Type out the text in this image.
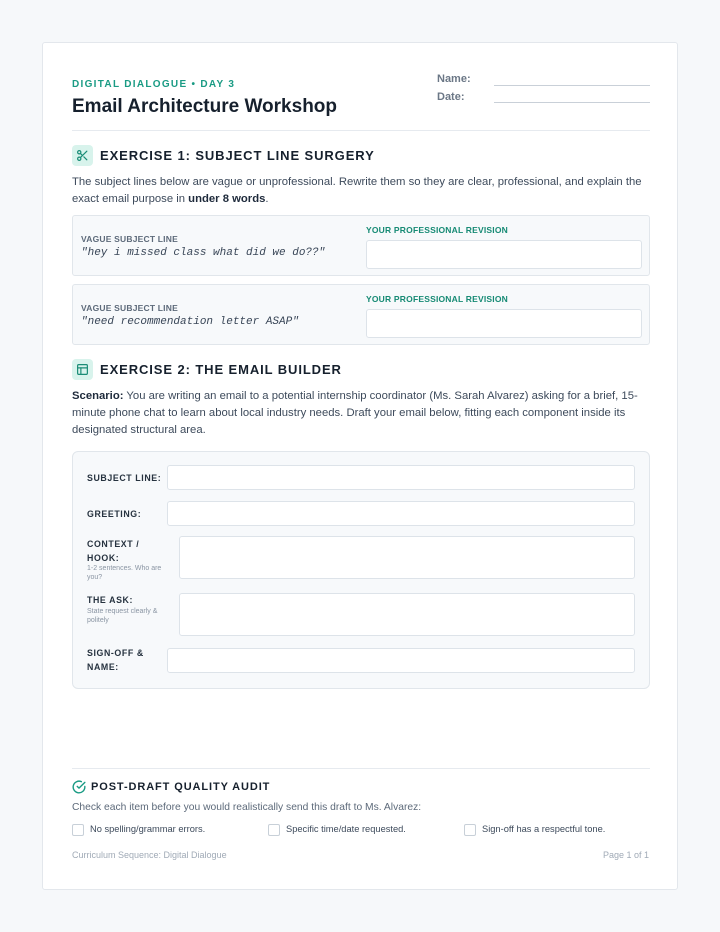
DIGITAL DIALOGUE • DAY 3
Email Architecture Workshop
Name:
Date:
EXERCISE 1: SUBJECT LINE SURGERY
The subject lines below are vague or unprofessional. Rewrite them so they are clear, professional, and explain the exact email purpose in under 8 words.
VAGUE SUBJECT LINE
"hey i missed class what did we do??"
YOUR PROFESSIONAL REVISION
VAGUE SUBJECT LINE
"need recommendation letter ASAP"
YOUR PROFESSIONAL REVISION
EXERCISE 2: THE EMAIL BUILDER
Scenario: You are writing an email to a potential internship coordinator (Ms. Sarah Alvarez) asking for a brief, 15-minute phone chat to learn about local industry needs. Draft your email below, fitting each component inside its designated structural area.
SUBJECT LINE:
GREETING:
CONTEXT /
HOOK:
1-2 sentences. Who are you?
THE ASK:
State request clearly & politely
SIGN-OFF &
NAME:
POST-DRAFT QUALITY AUDIT
Check each item before you would realistically send this draft to Ms. Alvarez:
No spelling/grammar errors.	Specific time/date requested.	Sign-off has a respectful tone.
Curriculum Sequence: Digital Dialogue	Page 1 of 1
